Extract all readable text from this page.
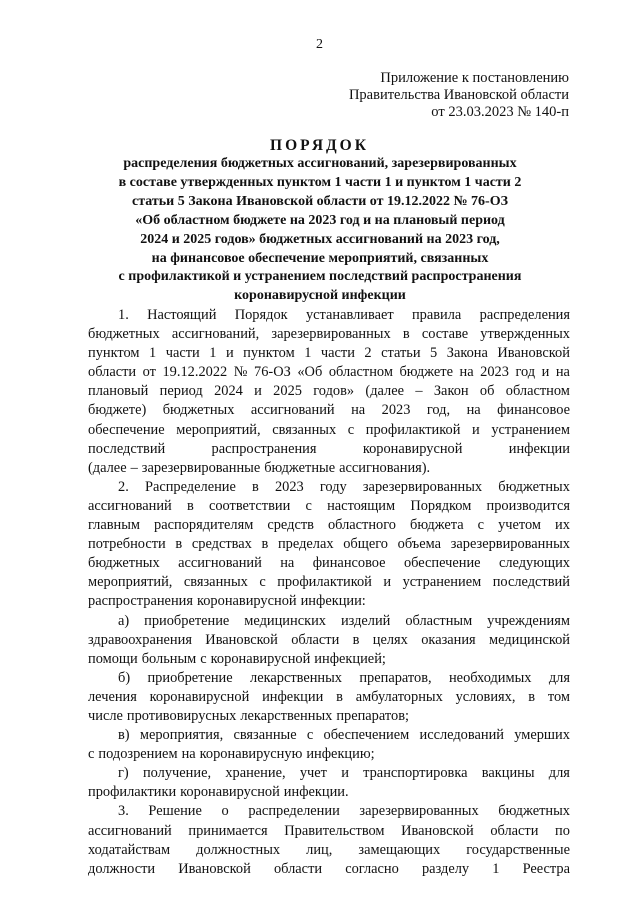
2
Приложение к постановлению
Правительства Ивановской области
от 23.03.2023 № 140-п
ПОРЯДОК
распределения бюджетных ассигнований, зарезервированных
в составе утвержденных пунктом 1 части 1 и пунктом 1 части 2
статьи 5 Закона Ивановской области от 19.12.2022 № 76-ОЗ
«Об областном бюджете на 2023 год и на плановый период
2024 и 2025 годов» бюджетных ассигнований на 2023 год,
на финансовое обеспечение мероприятий, связанных
с профилактикой и устранением последствий распространения
коронавирусной инфекции
1. Настоящий Порядок устанавливает правила распределения
бюджетных ассигнований, зарезервированных в составе утвержденных
пунктом 1 части 1 и пунктом 1 части 2 статьи 5 Закона Ивановской
области от 19.12.2022 № 76-ОЗ «Об областном бюджете на 2023 год и на
плановый период 2024 и 2025 годов» (далее – Закон об областном
бюджете) бюджетных ассигнований на 2023 год, на финансовое
обеспечение мероприятий, связанных с профилактикой и устранением
последствий	распространения	коронавирусной	инфекции
(далее – зарезервированные бюджетные ассигнования).
2. Распределение в 2023 году зарезервированных бюджетных
ассигнований в соответствии с настоящим Порядком производится
главным распорядителям средств областного бюджета с учетом их
потребности в средствах в пределах общего объема зарезервированных
бюджетных ассигнований на финансовое обеспечение следующих
мероприятий, связанных с профилактикой и устранением последствий
распространения коронавирусной инфекции:
а) приобретение медицинских изделий областным учреждениям
здравоохранения Ивановской области в целях оказания медицинской
помощи больным с коронавирусной инфекцией;
б) приобретение лекарственных препаратов, необходимых для
лечения коронавирусной инфекции в амбулаторных условиях, в том
числе противовирусных лекарственных препаратов;
в) мероприятия, связанные с обеспечением исследований умерших
с подозрением на коронавирусную инфекцию;
г) получение, хранение, учет и транспортировка вакцины для
профилактики коронавирусной инфекции.
3. Решение о распределении зарезервированных бюджетных
ассигнований принимается Правительством Ивановской области по
ходатайствам должностных лиц, замещающих государственные
должности Ивановской области согласно разделу 1 Реестра
